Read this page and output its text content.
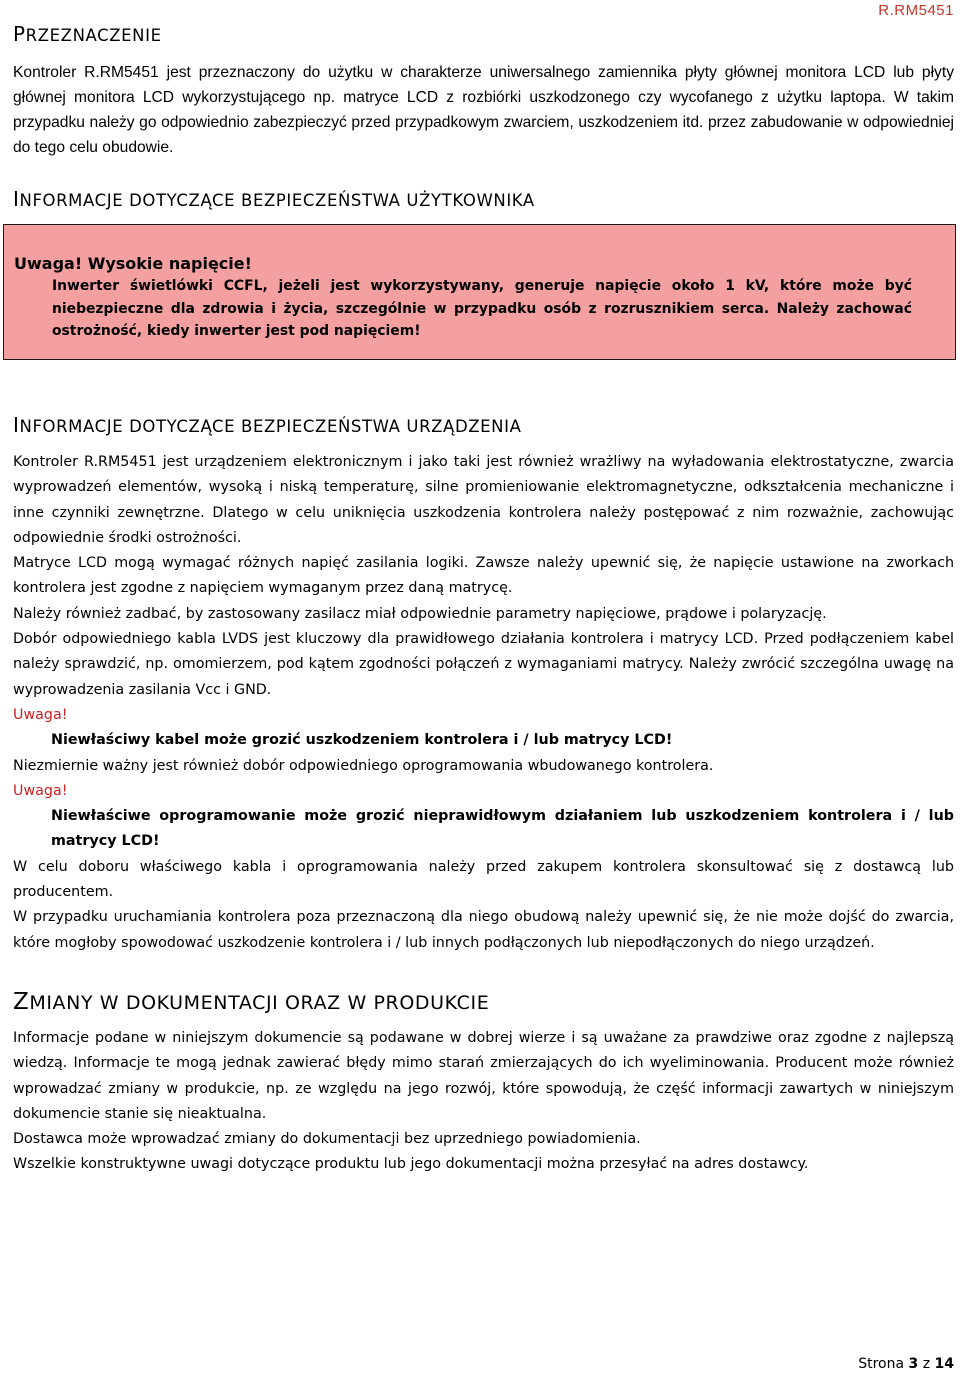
R.RM5451
PRZEZNACZENIE

Kontroler R.RM5451 jest przeznaczony do użytku w charakterze uniwersalnego zamiennika płyty głównej monitora LCD lub płyty głównej monitora LCD wykorzystującego np. matryce LCD z rozbiórki uszkodzonego czy wycofanego z użytku laptopa. W takim przypadku należy go odpowiednio zabezpieczyć przed przypadkowym zwarciem, uszkodzeniem itd. przez zabudowanie w odpowiedniej do tego celu obudowie.

INFORMACJE DOTYCZĄCE BEZPIECZEŃSTWA UŻYTKOWNIKA

Uwaga! Wysokie napięcie!

Inwerter świetlówki CCFL, jeżeli jest wykorzystywany, generuje napięcie około 1 kV, które może być niebezpieczne dla zdrowia i życia, szczególnie w przypadku osób z rozrusznikiem serca. Należy zachować ostrożność, kiedy inwerter jest pod napięciem!

INFORMACJE DOTYCZĄCE BEZPIECZEŃSTWA URZĄDZENIA

Kontroler R.RM5451 jest urządzeniem elektronicznym i jako taki jest również wrażliwy na wyładowania elektrostatyczne, zwarcia wyprowadzeń elementów, wysoką i niską temperaturę, silne promieniowanie elektromagnetyczne, odkształcenia mechaniczne i inne czynniki zewnętrzne. Dlatego w celu uniknięcia uszkodzenia kontrolera należy postępować z nim rozważnie, zachowując odpowiednie środki ostrożności.

Matryce LCD mogą wymagać różnych napięć zasilania logiki. Zawsze należy upewnić się, że napięcie ustawione na zworkach kontrolera jest zgodne z napięciem wymaganym przez daną matrycę.

Należy również zadbać, by zastosowany zasilacz miał odpowiednie parametry napięciowe, prądowe i polaryzację.

Dobór odpowiedniego kabla LVDS jest kluczowy dla prawidłowego działania kontrolera i matrycy LCD. Przed podłączeniem kabel należy sprawdzić, np. omomierzem, pod kątem zgodności połączeń z wymaganiami matrycy. Należy zwrócić szczególna uwagę na wyprowadzenia zasilania Vcc i GND.

Uwaga!

Niewłaściwy kabel może grozić uszkodzeniem kontrolera i / lub matrycy LCD!

Niezmiernie ważny jest również dobór odpowiedniego oprogramowania wbudowanego kontrolera.

Uwaga!

Niewłaściwe oprogramowanie może grozić nieprawidłowym działaniem lub uszkodzeniem kontrolera i / lub matrycy LCD!

W celu doboru właściwego kabla i oprogramowania należy przed zakupem kontrolera skonsultować się z dostawcą lub producentem.

W przypadku uruchamiania kontrolera poza przeznaczoną dla niego obudową należy upewnić się, że nie może dojść do zwarcia, które mogłoby spowodować uszkodzenie kontrolera i / lub innych podłączonych lub niepodłączonych do niego urządzeń.

ZMIANY W DOKUMENTACJI ORAZ W PRODUKCIE

Informacje podane w niniejszym dokumencie są podawane w dobrej wierze i są uważane za prawdziwe oraz zgodne z najlepszą wiedzą. Informacje te mogą jednak zawierać błędy mimo starań zmierzających do ich wyeliminowania. Producent może również wprowadzać zmiany w produkcie, np. ze względu na jego rozwój, które spowodują, że część informacji zawartych w niniejszym dokumencie stanie się nieaktualna.

Dostawca może wprowadzać zmiany do dokumentacji bez uprzedniego powiadomienia.

Wszelkie konstruktywne uwagi dotyczące produktu lub jego dokumentacji można przesyłać na adres dostawcy.

Strona 3 z 14
